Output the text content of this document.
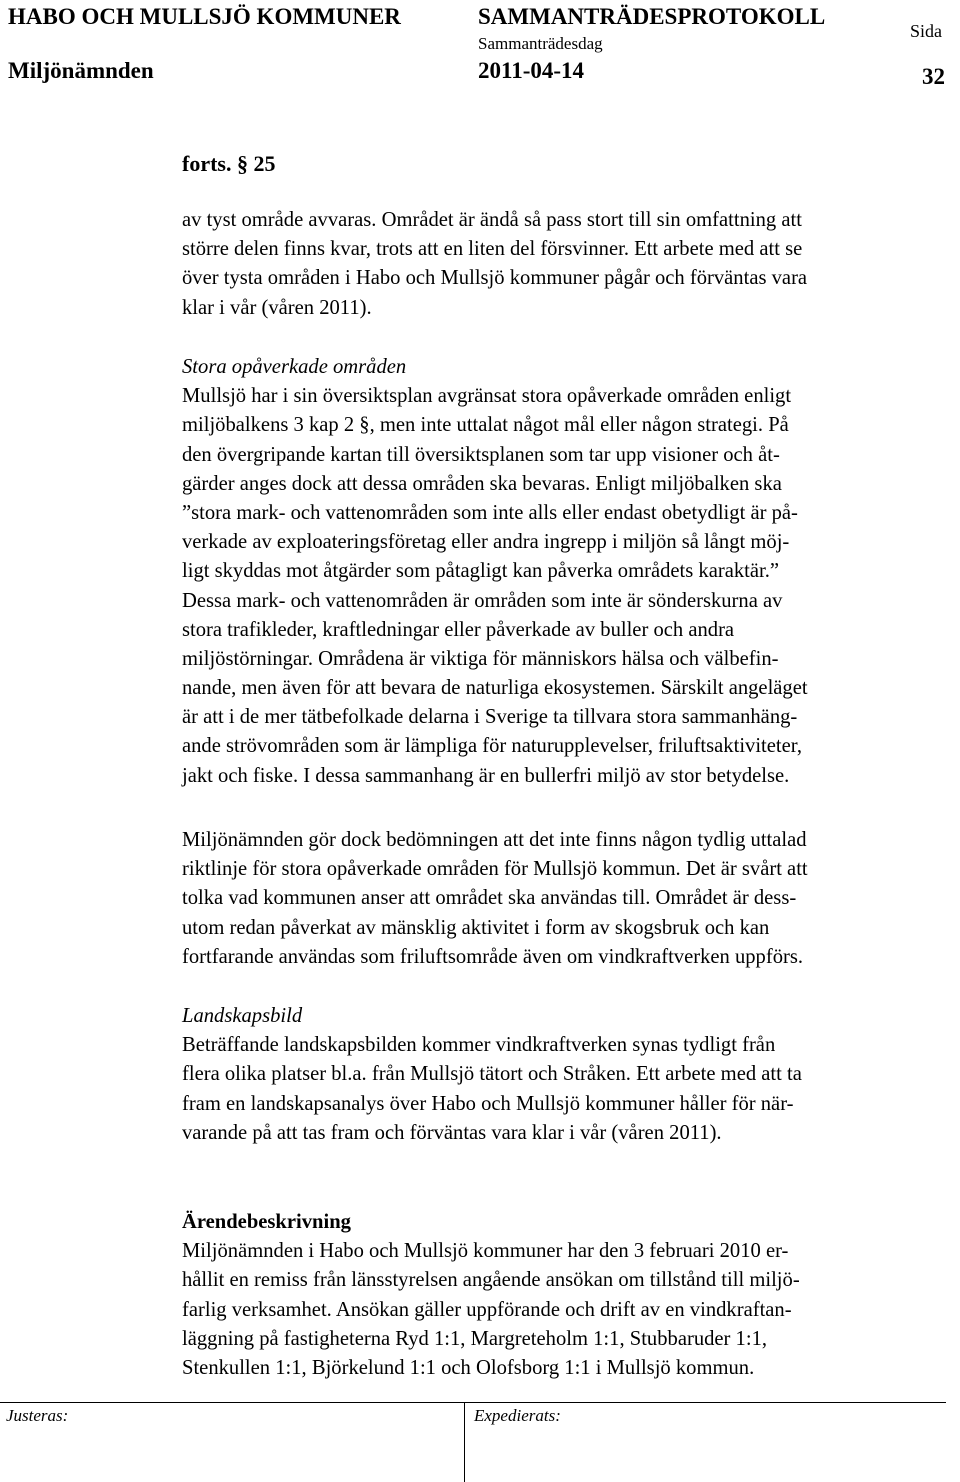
HABO OCH MULLSJÖ KOMMUNER	SAMMANTRÄDESPROTOKOLL
Sida
Sammanträdesdag
Miljönämnden	2011-04-14	32
forts. § 25
av tyst område avvaras. Området är ändå så pass stort till sin omfattning att
större delen finns kvar, trots att en liten del försvinner. Ett arbete med att se
över tysta områden i Habo och Mullsjö kommuner pågår och förväntas vara
klar i vår (våren 2011).
Stora opåverkade områden
Mullsjö har i sin översiktsplan avgränsat stora opåverkade områden enligt
miljöbalkens 3 kap 2 §, men inte uttalat något mål eller någon strategi. På
den övergripande kartan till översiktsplanen som tar upp visioner och åt-
gärder anges dock att dessa områden ska bevaras. Enligt miljöbalken ska
”stora mark- och vattenområden som inte alls eller endast obetydligt är på-
verkade av exploateringsföretag eller andra ingrepp i miljön så långt möj-
ligt skyddas mot åtgärder som påtagligt kan påverka områdets karaktär.”
Dessa mark- och vattenområden är områden som inte är sönderskurna av
stora trafikleder, kraftledningar eller påverkade av buller och andra
miljöstörningar. Områdena är viktiga för människors hälsa och välbefin-
nande, men även för att bevara de naturliga ekosystemen. Särskilt angeläget
är att i de mer tätbefolkade delarna i Sverige ta tillvara stora sammanhäng-
ande strövområden som är lämpliga för naturupplevelser, friluftsaktiviteter,
jakt och fiske. I dessa sammanhang är en bullerfri miljö av stor betydelse.
Miljönämnden gör dock bedömningen att det inte finns någon tydlig uttalad
riktlinje för stora opåverkade områden för Mullsjö kommun. Det är svårt att
tolka vad kommunen anser att området ska användas till. Området är dess-
utom redan påverkat av mänsklig aktivitet i form av skogsbruk och kan
fortfarande användas som friluftsområde även om vindkraftverken uppförs.
Landskapsbild
Beträffande landskapsbilden kommer vindkraftverken synas tydligt från
flera olika platser bl.a. från Mullsjö tätort och Stråken. Ett arbete med att ta
fram en landskapsanalys över Habo och Mullsjö kommuner håller för när-
varande på att tas fram och förväntas vara klar i vår (våren 2011).
Ärendebeskrivning
Miljönämnden i Habo och Mullsjö kommuner har den 3 februari 2010 er-
hållit en remiss från länsstyrelsen angående ansökan om tillstånd till miljö-
farlig verksamhet. Ansökan gäller uppförande och drift av en vindkraftan-
läggning på fastigheterna Ryd 1:1, Margreteholm 1:1, Stubbaruder 1:1,
Stenkullen 1:1, Björkelund 1:1 och Olofsborg 1:1 i Mullsjö kommun.
Justeras:	Expedierats:
